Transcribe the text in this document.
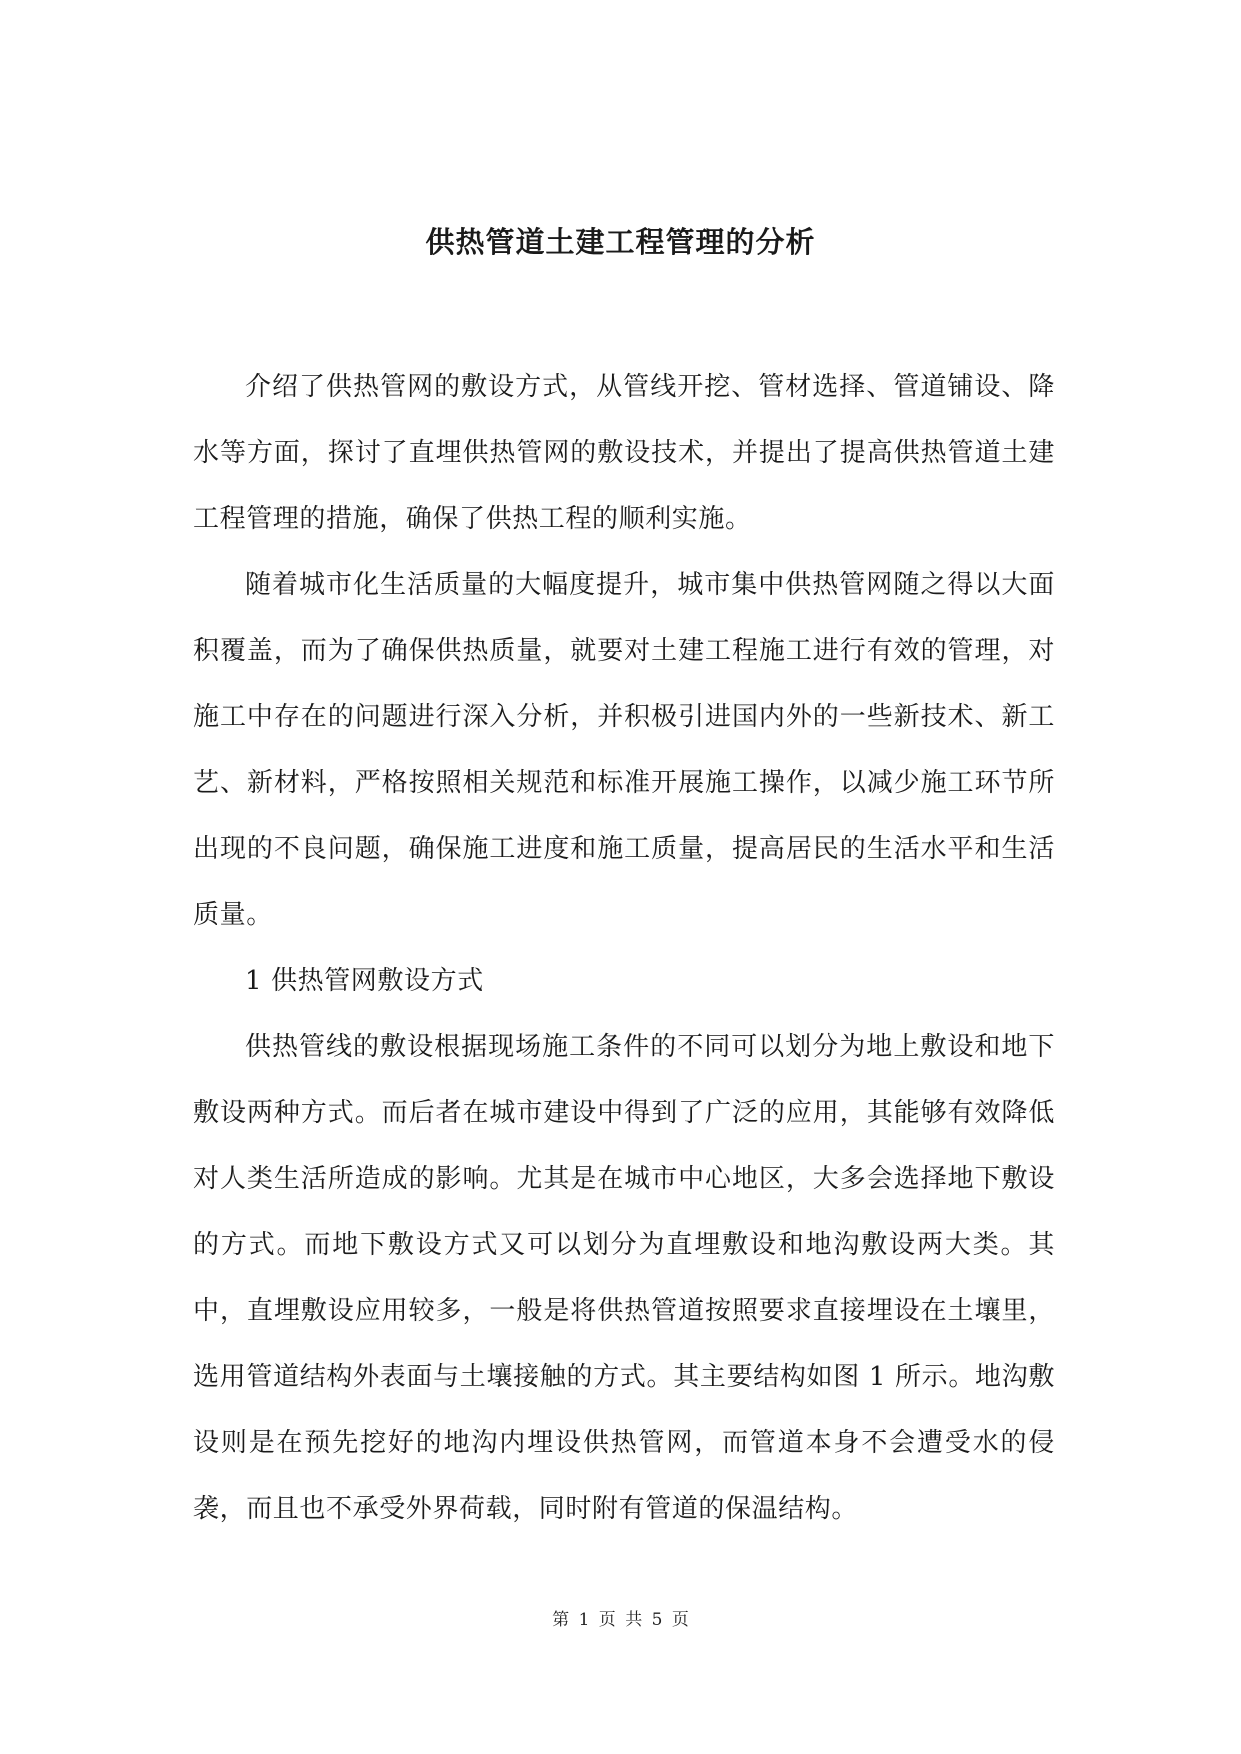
供热管道土建工程管理的分析

介绍了供热管网的敷设方式，从管线开挖、管材选择、管道铺设、降水等方面，探讨了直埋供热管网的敷设技术，并提出了提高供热管道土建工程管理的措施，确保了供热工程的顺利实施。

随着城市化生活质量的大幅度提升，城市集中供热管网随之得以大面积覆盖，而为了确保供热质量，就要对土建工程施工进行有效的管理，对施工中存在的问题进行深入分析，并积极引进国内外的一些新技术、新工艺、新材料，严格按照相关规范和标准开展施工操作，以减少施工环节所出现的不良问题，确保施工进度和施工质量，提高居民的生活水平和生活质量。

1 供热管网敷设方式

供热管线的敷设根据现场施工条件的不同可以划分为地上敷设和地下敷设两种方式。而后者在城市建设中得到了广泛的应用，其能够有效降低对人类生活所造成的影响。尤其是在城市中心地区，大多会选择地下敷设的方式。而地下敷设方式又可以划分为直埋敷设和地沟敷设两大类。其中，直埋敷设应用较多，一般是将供热管道按照要求直接埋设在土壤里，选用管道结构外表面与土壤接触的方式。其主要结构如图 1 所示。地沟敷设则是在预先挖好的地沟内埋设供热管网，而管道本身不会遭受水的侵袭，而且也不承受外界荷载，同时附有管道的保温结构。

第 1 页 共 5 页
